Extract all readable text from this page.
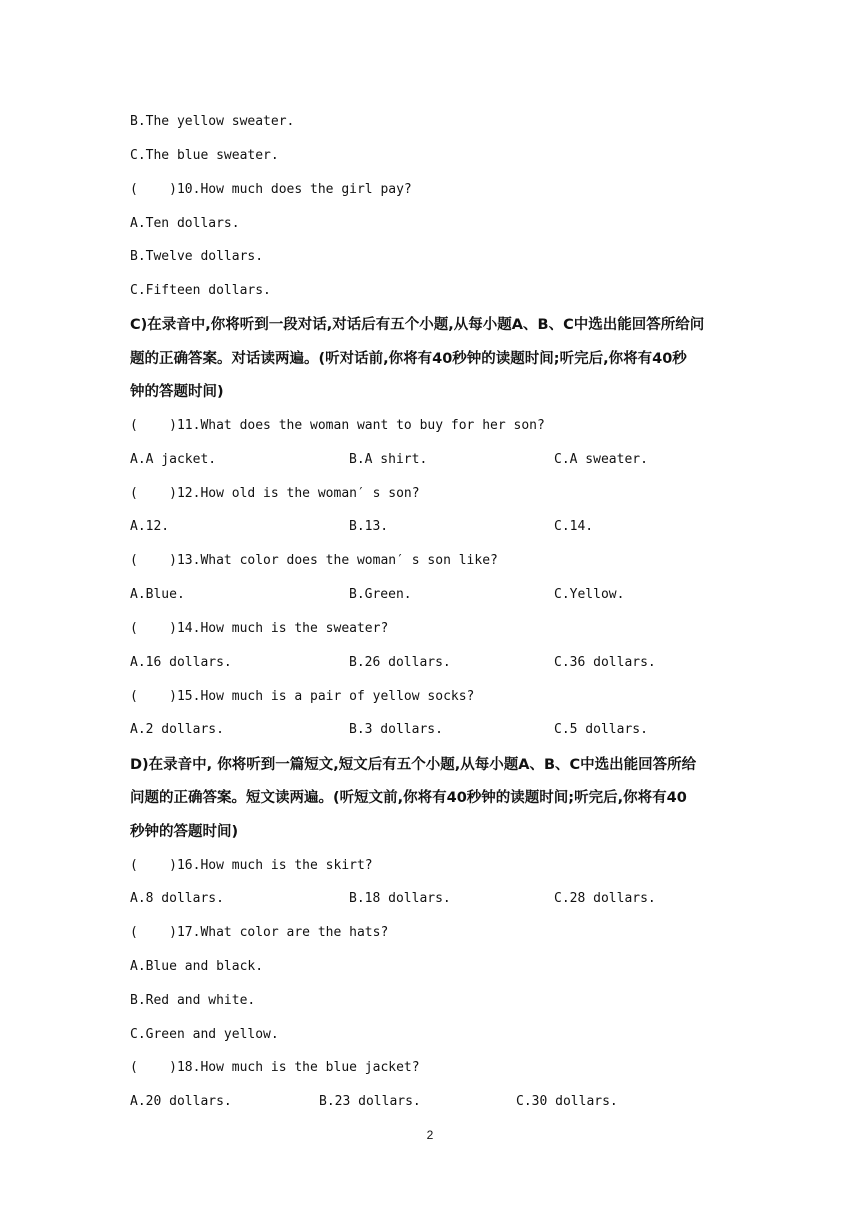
B.The yellow sweater.
C.The blue sweater.
(    )10.How much does the girl pay?
A.Ten dollars.
B.Twelve dollars.
C.Fifteen dollars.
C)在录音中,你将听到一段对话,对话后有五个小题,从每小题A、B、C中选出能回答所给问
题的正确答案。对话读两遍。(听对话前,你将有40秒钟的读题时间;听完后,你将有40秒
钟的答题时间)
(    )11.What does the woman want to buy for her son?
A.A jacket.	B.A shirt.	C.A sweater.
(    )12.How old is the woman′ s son?
A.12.	B.13.	C.14.
(    )13.What color does the woman′ s son like?
A.Blue.	B.Green.	C.Yellow.
(    )14.How much is the sweater?
A.16 dollars.	B.26 dollars.	C.36 dollars.
(    )15.How much is a pair of yellow socks?
A.2 dollars.	B.3 dollars.	C.5 dollars.
D)在录音中, 你将听到一篇短文,短文后有五个小题,从每小题A、B、C中选出能回答所给
问题的正确答案。短文读两遍。(听短文前,你将有40秒钟的读题时间;听完后,你将有40
秒钟的答题时间)
(    )16.How much is the skirt?
A.8 dollars.	B.18 dollars.	C.28 dollars.
(    )17.What color are the hats?
A.Blue and black.
B.Red and white.
C.Green and yellow.
(    )18.How much is the blue jacket?
A.20 dollars.	B.23 dollars.	C.30 dollars.
2
